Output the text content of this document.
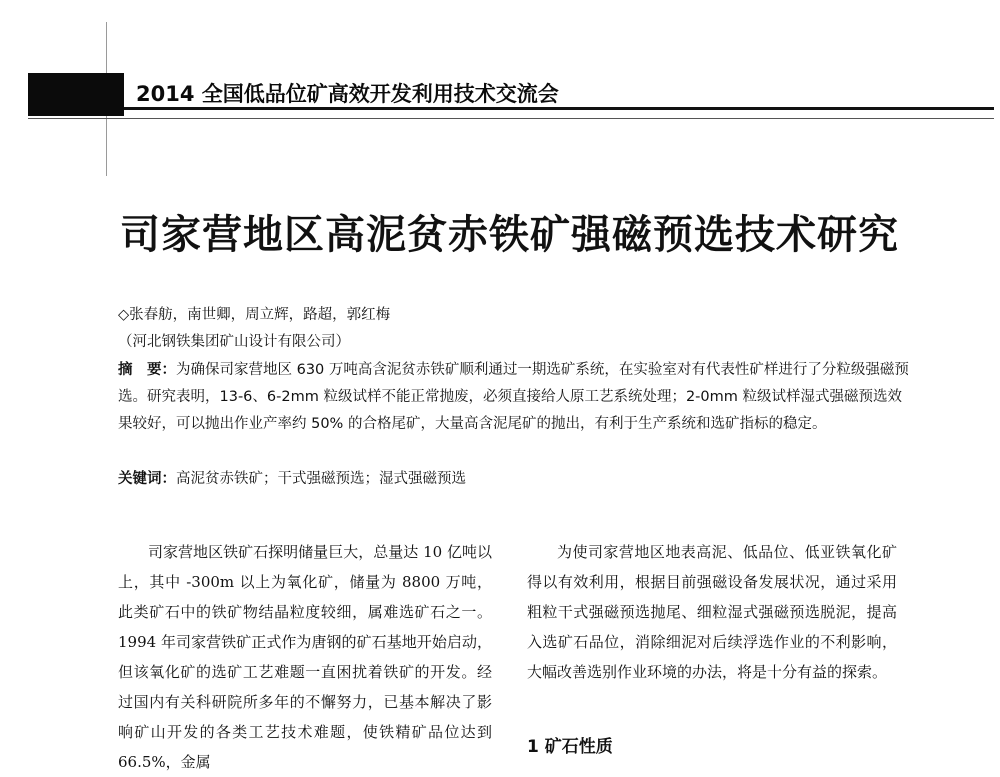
2014 全国低品位矿高效开发利用技术交流会
司家营地区高泥贫赤铁矿强磁预选技术研究
◇张春舫，南世卿，周立辉，路超，郭红梅
（河北钢铁集团矿山设计有限公司）
摘　要：为确保司家营地区 630 万吨高含泥贫赤铁矿顺利通过一期选矿系统，在实验室对有代表性矿样进行了分粒级强磁预选。研究表明，13-6、6-2mm 粒级试样不能正常抛废，必须直接给人原工艺系统处理；2-0mm 粒级试样湿式强磁预选效果较好，可以抛出作业产率约 50% 的合格尾矿，大量高含泥尾矿的抛出，有利于生产系统和选矿指标的稳定。
关键词：高泥贫赤铁矿；干式强磁预选；湿式强磁预选

司家营地区铁矿石探明储量巨大，总量达 10 亿吨以上，其中 -300m 以上为氧化矿，储量为 8800 万吨，此类矿石中的铁矿物结晶粒度较细，属难选矿石之一。1994 年司家营铁矿正式作为唐钢的矿石基地开始启动，但该氧化矿的选矿工艺难题一直困扰着铁矿的开发。经过国内有关科研院所多年的不懈努力，已基本解决了影响矿山开发的各类工艺技术难题，使铁精矿品位达到 66.5%，金属

为使司家营地区地表高泥、低品位、低亚铁氧化矿得以有效利用，根据目前强磁设备发展状况，通过采用粗粒干式强磁预选抛尾、细粒湿式强磁预选脱泥，提高入选矿石品位，消除细泥对后续浮选作业的不利影响，大幅改善选别作业环境的办法，将是十分有益的探索。

1 矿石性质
